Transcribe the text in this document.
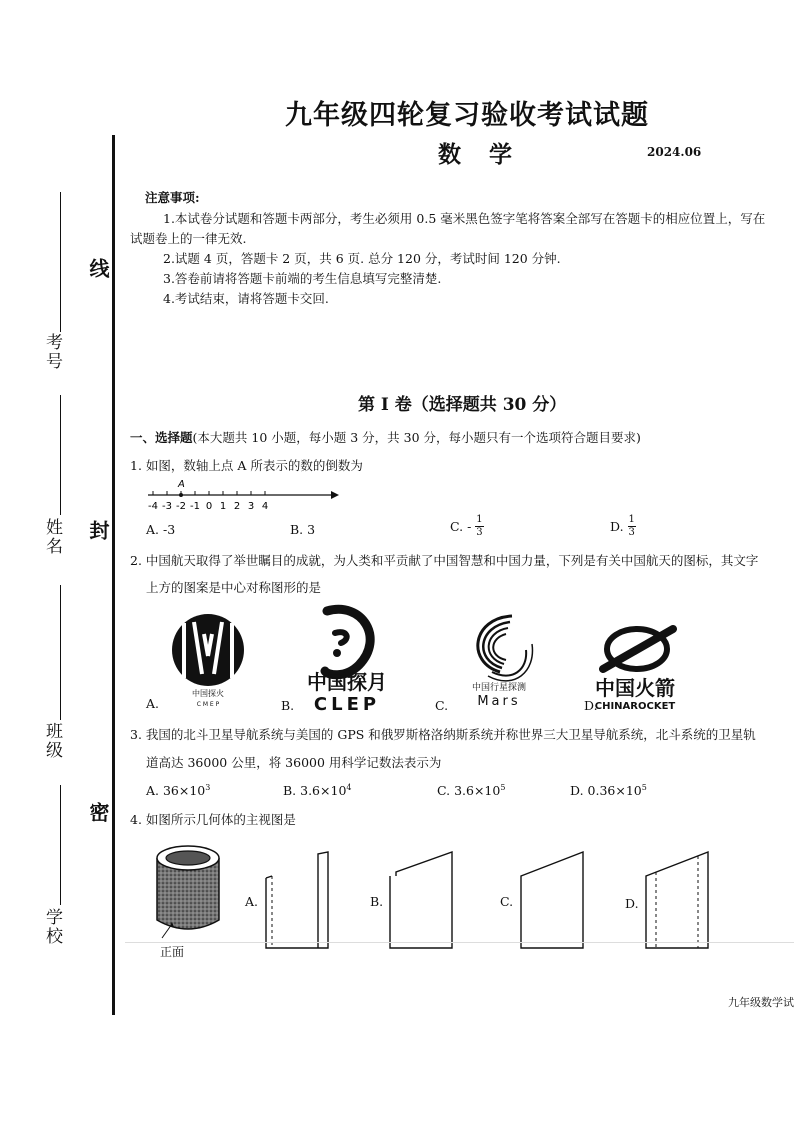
考号
线
姓名 封
班级
密
学校
九年级四轮复习验收考试试题
数 学	2024.06
注意事项:
1.本试卷分试题和答题卡两部分，考生必须用 0.5 毫米黑色签字笔将答案全部写在答题卡的相应位置上，写在
试题卷上的一律无效.
2.试题 4 页，答题卡 2 页，共 6 页. 总分 120 分，考试时间 120 分钟.
3.答卷前请将答题卡前端的考生信息填写完整清楚.
4.考试结束，请将答题卡交回.
第 I 卷（选择题共 30 分）
一、选择题(本大题共 10 小题，每小题 3 分，共 30 分，每小题只有一个选项符合题目要求)
1. 如图，数轴上点 A 所表示的数的倒数为
-4 -3 -2 -1 0 1 2 3 4
A
A. -3	B. 3	C. - $\frac{1}{3}$	D. $\frac{1}{3}$
2. 中国航天取得了举世瞩目的成就，为人类和平贡献了中国智慧和中国力量，下列是有关中国航天的图标，其文字
上方的图案是中心对称图形的是
中国探火
C M E P
A.
中国探月
CLEP
B.
中国行星探测
Mars
C.
中国火箭
CHINAROCKET
D.
3. 我国的北斗卫星导航系统与美国的 GPS 和俄罗斯格洛纳斯系统并称世界三大卫星导航系统，北斗系统的卫星轨
道高达 36000 公里，将 36000 用科学记数法表示为
A. $36\times 10^3$	B. $3.6\times 10^4$	C. $3.6\times 10^5$	D. $0.36\times 10^5$
4. 如图所示几何体的主视图是
正面
A.	B.	C.	D.
九年级数学试
